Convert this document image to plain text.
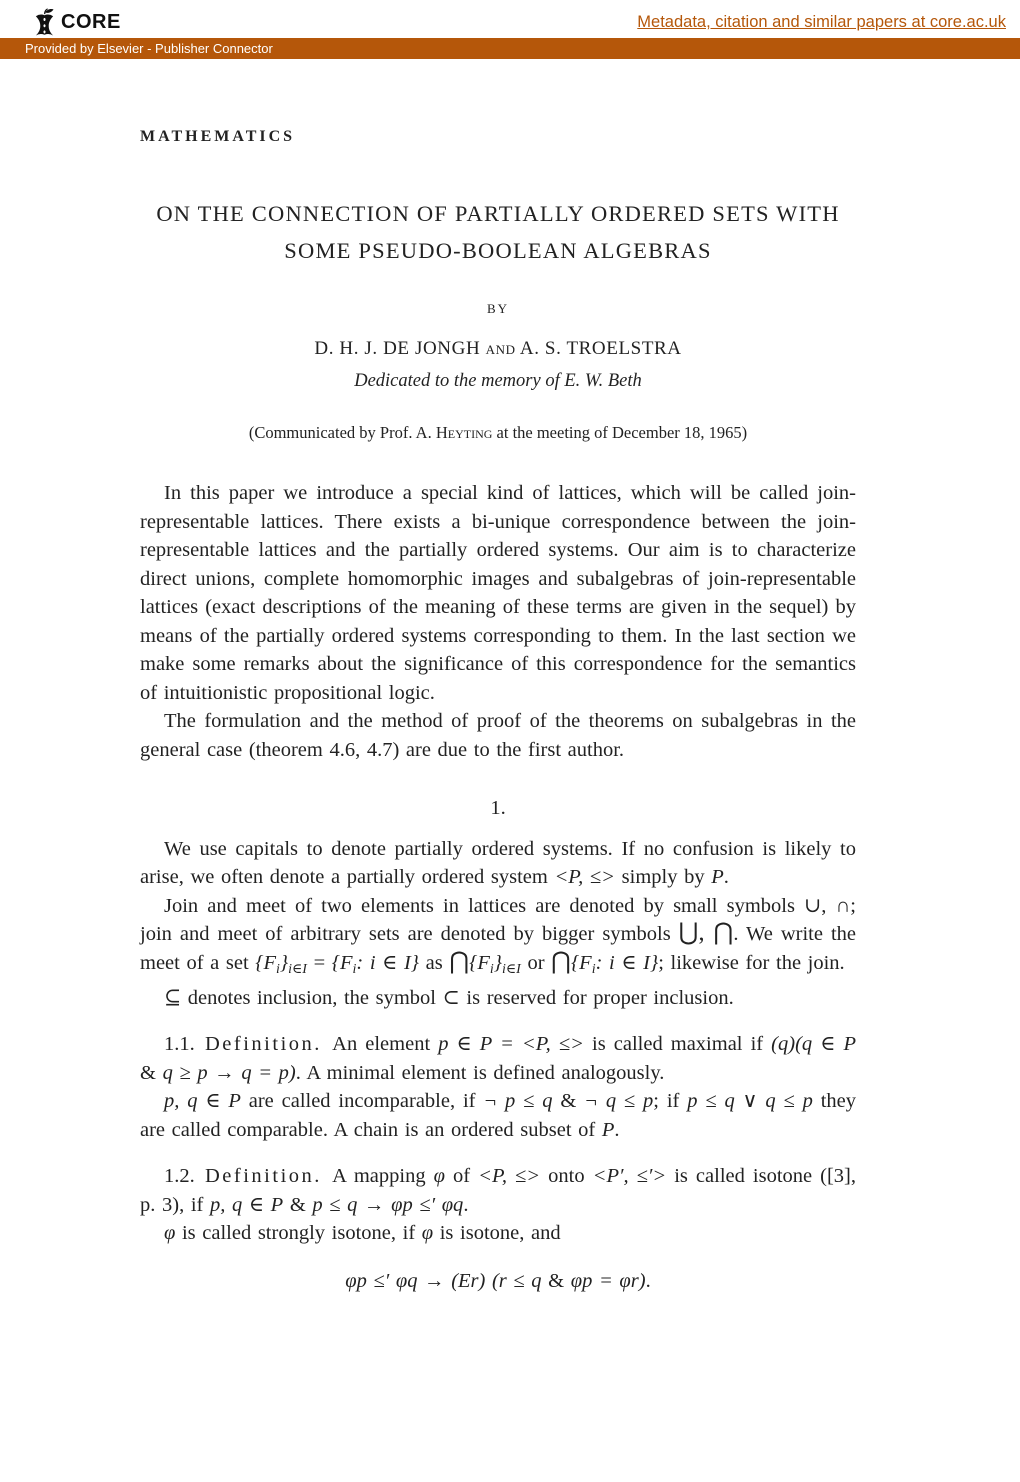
CORE	Metadata, citation and similar papers at core.ac.uk
Provided by Elsevier - Publisher Connector
MATHEMATICS
ON THE CONNECTION OF PARTIALLY ORDERED SETS WITH
SOME PSEUDO-BOOLEAN ALGEBRAS
BY
D. H. J. DE JONGH and A. S. TROELSTRA
Dedicated to the memory of E. W. Beth
(Communicated by Prof. A. Heyting at the meeting of December 18, 1965)

In this paper we introduce a special kind of lattices, which will be called join-representable lattices. There exists a bi-unique correspondence between the join-representable lattices and the partially ordered systems. Our aim is to characterize direct unions, complete homomorphic images and subalgebras of join-representable lattices (exact descriptions of the meaning of these terms are given in the sequel) by means of the partially ordered systems corresponding to them. In the last section we make some remarks about the significance of this correspondence for the semantics of intuitionistic propositional logic.

The formulation and the method of proof of the theorems on subalgebras in the general case (theorem 4.6, 4.7) are due to the first author.

1.

We use capitals to denote partially ordered systems. If no confusion is likely to arise, we often denote a partially ordered system <P, ≤> simply by P.

Join and meet of two elements in lattices are denoted by small symbols ∪, ∩; join and meet of arbitrary sets are denoted by bigger symbols ⋃, ⋂. We write the meet of a set {Fi}i∈I = {Fi: i ∈ I} as ⋂{Fi}i∈I or ⋂{Fi: i ∈ I}; likewise for the join.

⊆ denotes inclusion, the symbol ⊂ is reserved for proper inclusion.

1.1. Definition. An element p ∈ P = <P, ≤> is called maximal if (q)(q ∈ P & q ≥ p → q = p). A minimal element is defined analogously.

p, q ∈ P are called incomparable, if ¬ p ≤ q & ¬ q ≤ p; if p ≤ q ∨ q ≤ p they are called comparable. A chain is an ordered subset of P.

1.2. Definition. A mapping φ of <P, ≤> onto <P′, ≤′> is called isotone ([3], p. 3), if p, q ∈ P & p ≤ q → φp ≤′ φq.

φ is called strongly isotone, if φ is isotone, and

φp ≤′ φq → (Er) (r ≤ q & φp = φr).
